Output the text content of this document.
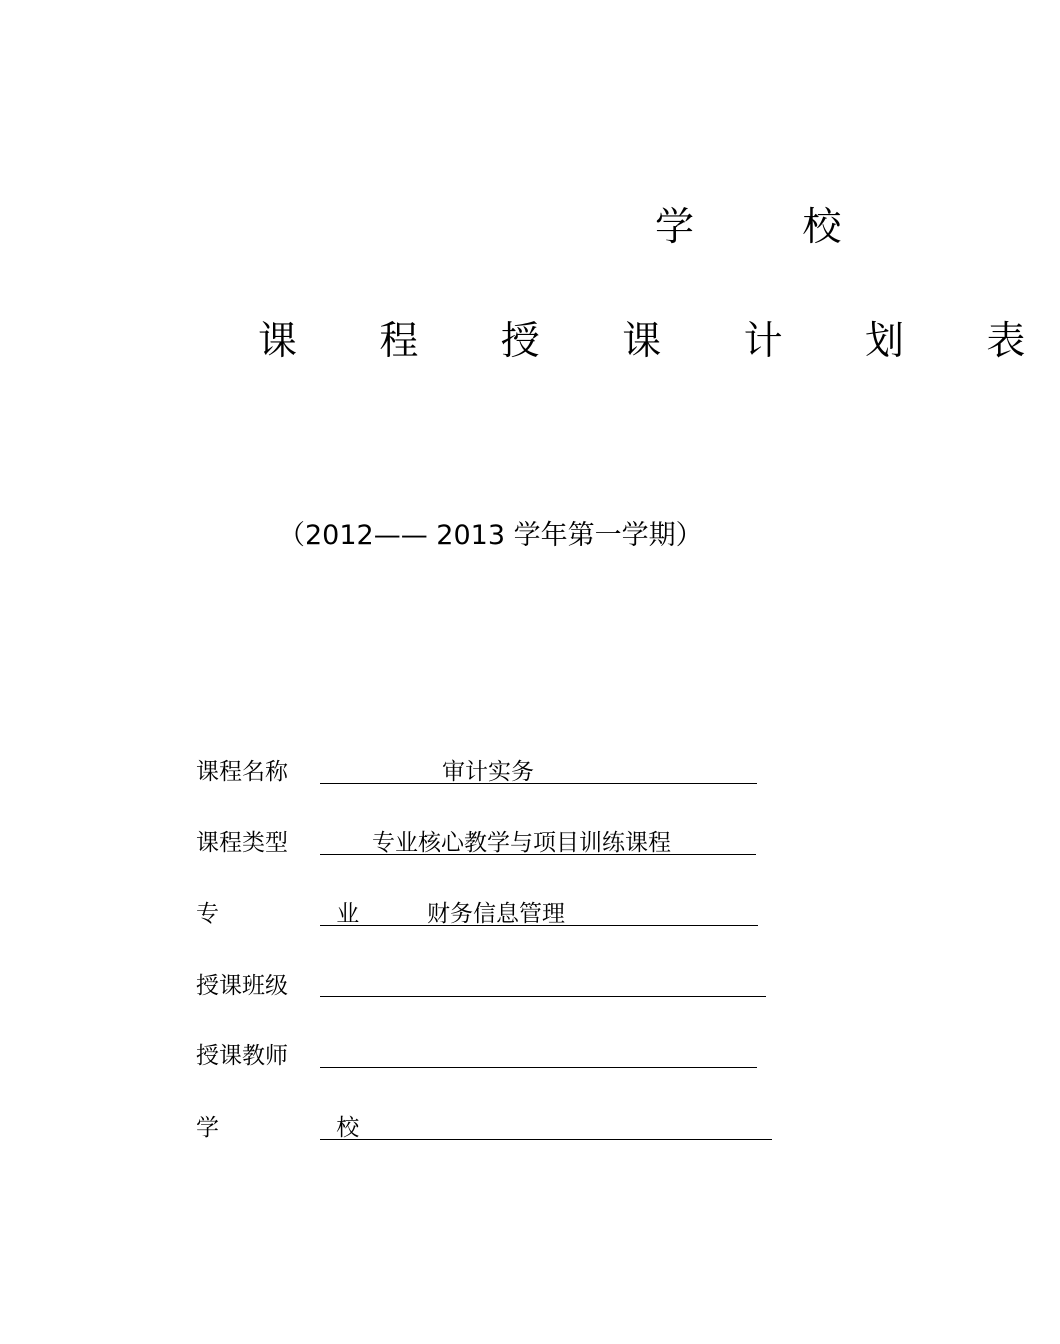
学 校
课 程 授 课 计 划 表
（2012—— 2013 学年第一学期）
课程名称	审计实务
课程类型	专业核心教学与项目训练课程
专 业 财务信息管理
授课班级
授课教师
学 校
